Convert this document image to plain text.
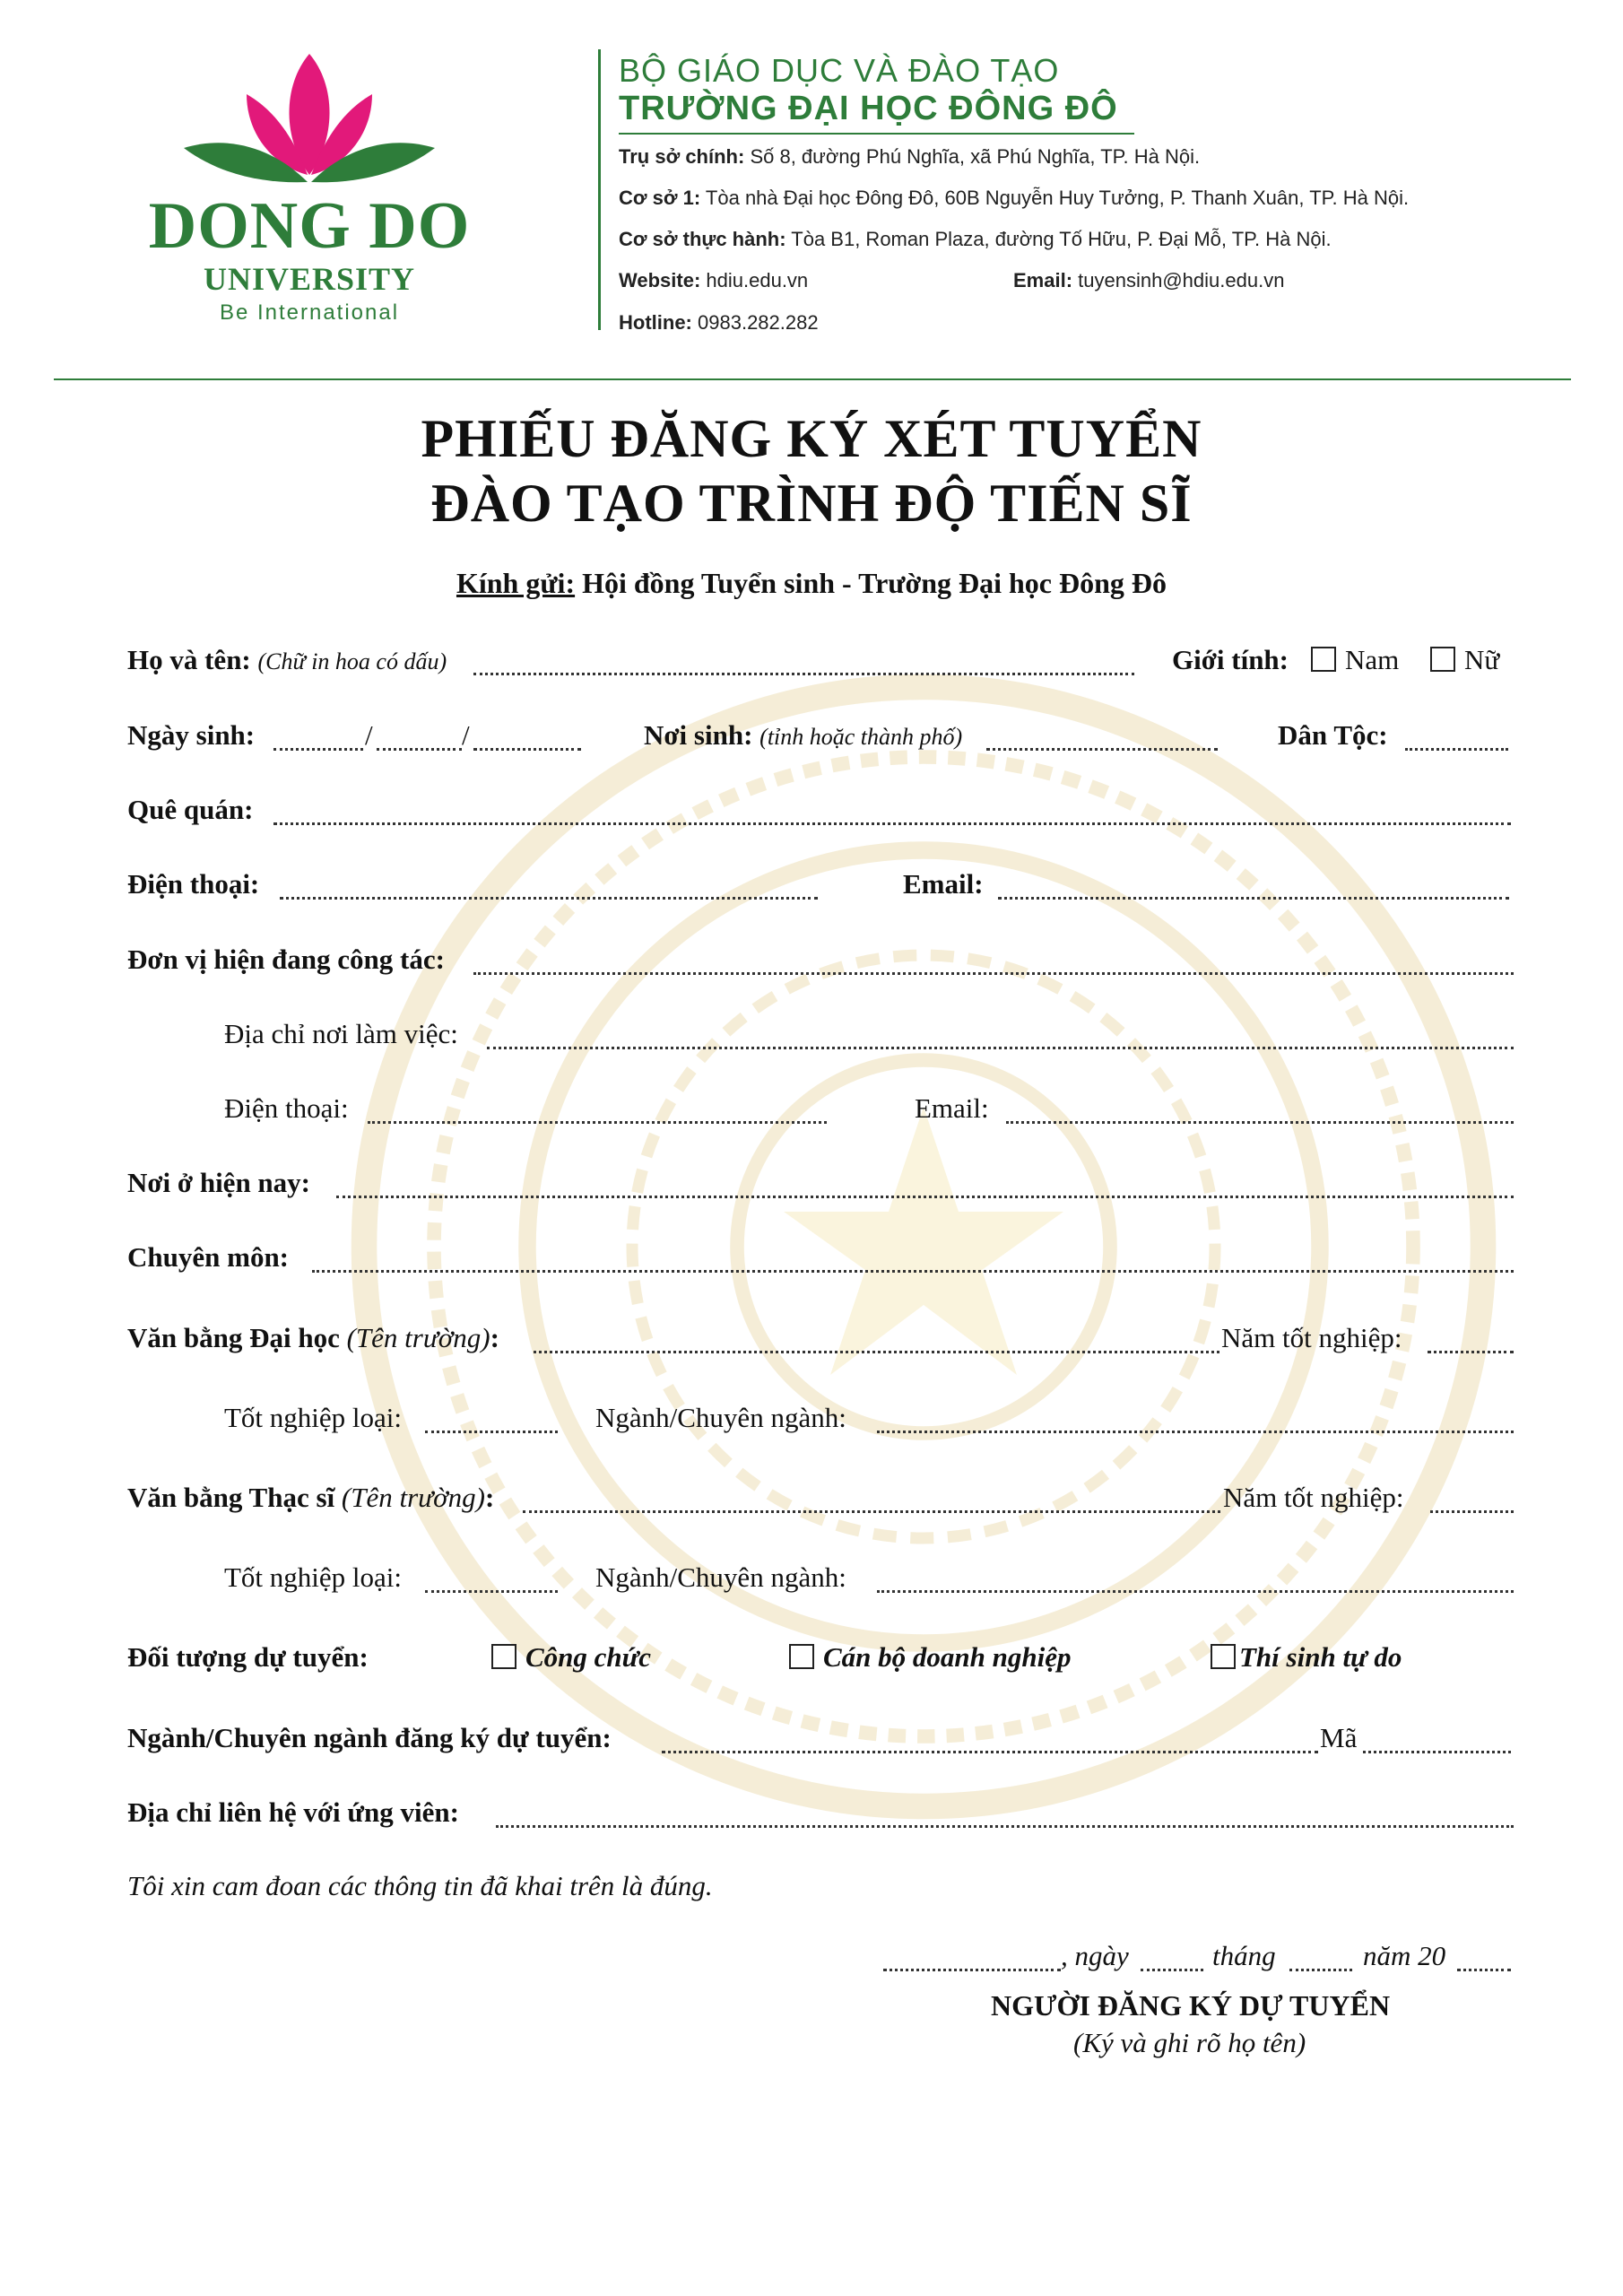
DONG DO
UNIVERSITY
Be International
BỘ GIÁO DỤC VÀ ĐÀO TẠO
TRƯỜNG ĐẠI HỌC ĐÔNG ĐÔ
Trụ sở chính: Số 8, đường Phú Nghĩa, xã Phú Nghĩa, TP. Hà Nội.
Cơ sở 1: Tòa nhà Đại học Đông Đô, 60B Nguyễn Huy Tưởng, P. Thanh Xuân, TP. Hà Nội.
Cơ sở thực hành: Tòa B1, Roman Plaza, đường Tố Hữu, P. Đại Mỗ, TP. Hà Nội.
Website: hdiu.edu.vn	Email: tuyensinh@hdiu.edu.vn
Hotline: 0983.282.282
PHIẾU ĐĂNG KÝ XÉT TUYỂN
ĐÀO TẠO TRÌNH ĐỘ TIẾN SĨ
Kính gửi: Hội đồng Tuyển sinh - Trường Đại học Đông Đô
Họ và tên: (Chữ in hoa có dấu)	Giới tính:	Nam	Nữ
Ngày sinh:	/	/	Nơi sinh: (tỉnh hoặc thành phố)	Dân Tộc:
Quê quán:
Điện thoại:	Email:
Đơn vị hiện đang công tác:
Địa chỉ nơi làm việc:
Điện thoại:	Email:
Nơi ở hiện nay:
Chuyên môn:
Văn bằng Đại học (Tên trường):	Năm tốt nghiệp:
Tốt nghiệp loại:	Ngành/Chuyên ngành:
Văn bằng Thạc sĩ (Tên trường):	Năm tốt nghiệp:
Tốt nghiệp loại:	Ngành/Chuyên ngành:
Đối tượng dự tuyển:	Công chức	Cán bộ doanh nghiệp	Thí sinh tự do
Ngành/Chuyên ngành đăng ký dự tuyển:	Mã
Địa chỉ liên hệ với ứng viên:
Tôi xin cam đoan các thông tin đã khai trên là đúng.
, ngày	tháng	năm 20
NGƯỜI ĐĂNG KÝ DỰ TUYỂN
(Ký và ghi rõ họ tên)
